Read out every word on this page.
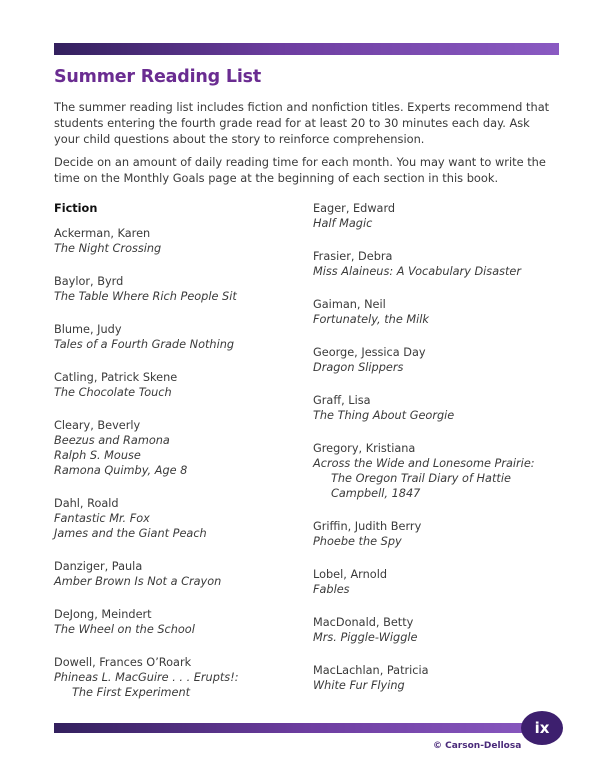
Summer Reading List

The summer reading list includes fiction and nonfiction titles. Experts recommend that students entering the fourth grade read for at least 20 to 30 minutes each day. Ask your child questions about the story to reinforce comprehension.

Decide on an amount of daily reading time for each month. You may want to write the time on the Monthly Goals page at the beginning of each section in this book.

Fiction
Ackerman, Karen
The Night Crossing
Baylor, Byrd
The Table Where Rich People Sit
Blume, Judy
Tales of a Fourth Grade Nothing
Catling, Patrick Skene
The Chocolate Touch
Cleary, Beverly
Beezus and Ramona
Ralph S. Mouse
Ramona Quimby, Age 8
Dahl, Roald
Fantastic Mr. Fox
James and the Giant Peach
Danziger, Paula
Amber Brown Is Not a Crayon
DeJong, Meindert
The Wheel on the School
Dowell, Frances O’Roark
Phineas L. MacGuire . . . Erupts!:
The First Experiment
Eager, Edward
Half Magic
Frasier, Debra
Miss Alaineus: A Vocabulary Disaster
Gaiman, Neil
Fortunately, the Milk
George, Jessica Day
Dragon Slippers
Graff, Lisa
The Thing About Georgie
Gregory, Kristiana
Across the Wide and Lonesome Prairie:
The Oregon Trail Diary of Hattie
Campbell, 1847
Griffin, Judith Berry
Phoebe the Spy
Lobel, Arnold
Fables
MacDonald, Betty
Mrs. Piggle-Wiggle
MacLachlan, Patricia
White Fur Flying
ix
© Carson-Dellosa
